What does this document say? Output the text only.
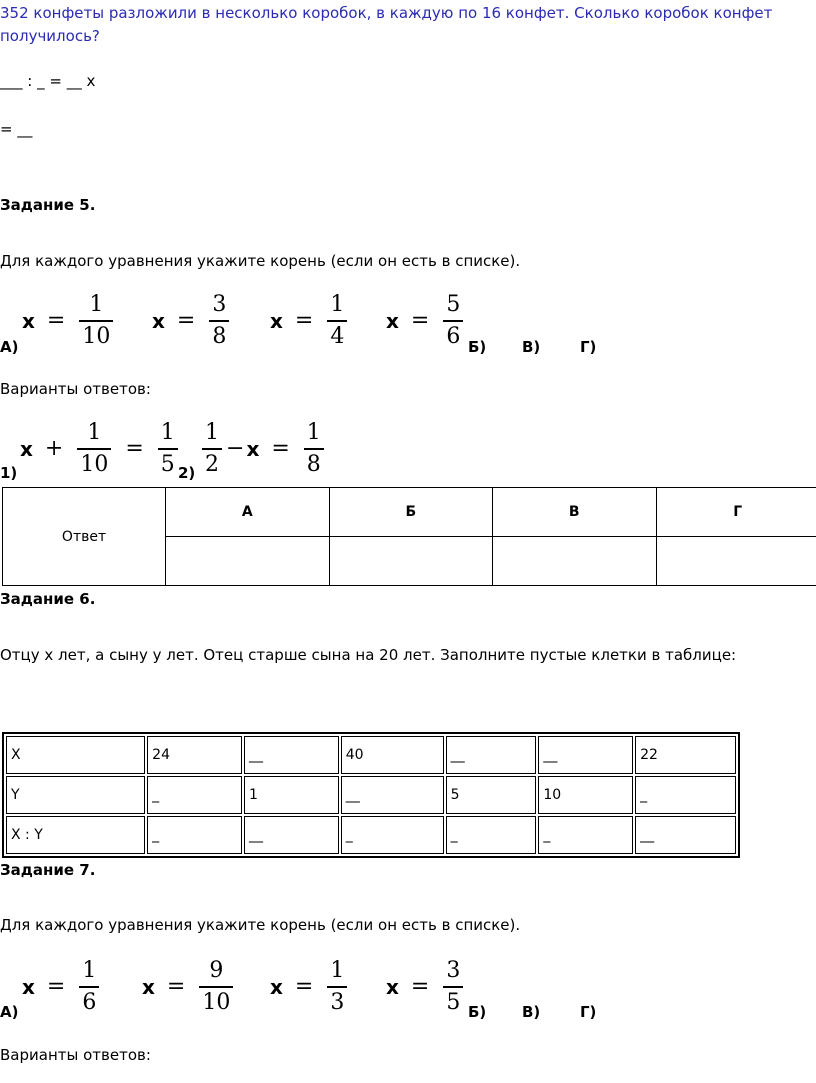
352 конфеты разложили в несколько коробок, в каждую по 16 конфет. Сколько коробок конфет
получилось?
___ : _ = __ х
= __
Задание 5.
Для каждого уравнения укажите корень (если он есть в списке).
$х = \frac{1}{10}$ $х = \frac{3}{8}$ $х = \frac{1}{4}$ $х = \frac{5}{6}$
А)	Б) В)	Г)
Варианты ответов:
$х + \frac{1}{10} = \frac{1}{5} \frac{1}{2} - х = \frac{1}{8}$
1)	2)
Ответ	А	Б	В	Г

Задание 6.
Отцу х лет, а сыну у лет. Отец старше сына на 20 лет. Заполните пустые клетки в таблице:
X	24	__	40	__	__	22
Y	_	1	__	5	10	_
X : Y	_	__	_	_	_	__
Задание 7.
Для каждого уравнения укажите корень (если он есть в списке).
$х = \frac{1}{6}$ $х = \frac{9}{10}$ $х = \frac{1}{3}$ $х = \frac{3}{5}$
А)	Б) В)	Г)
Варианты ответов:
